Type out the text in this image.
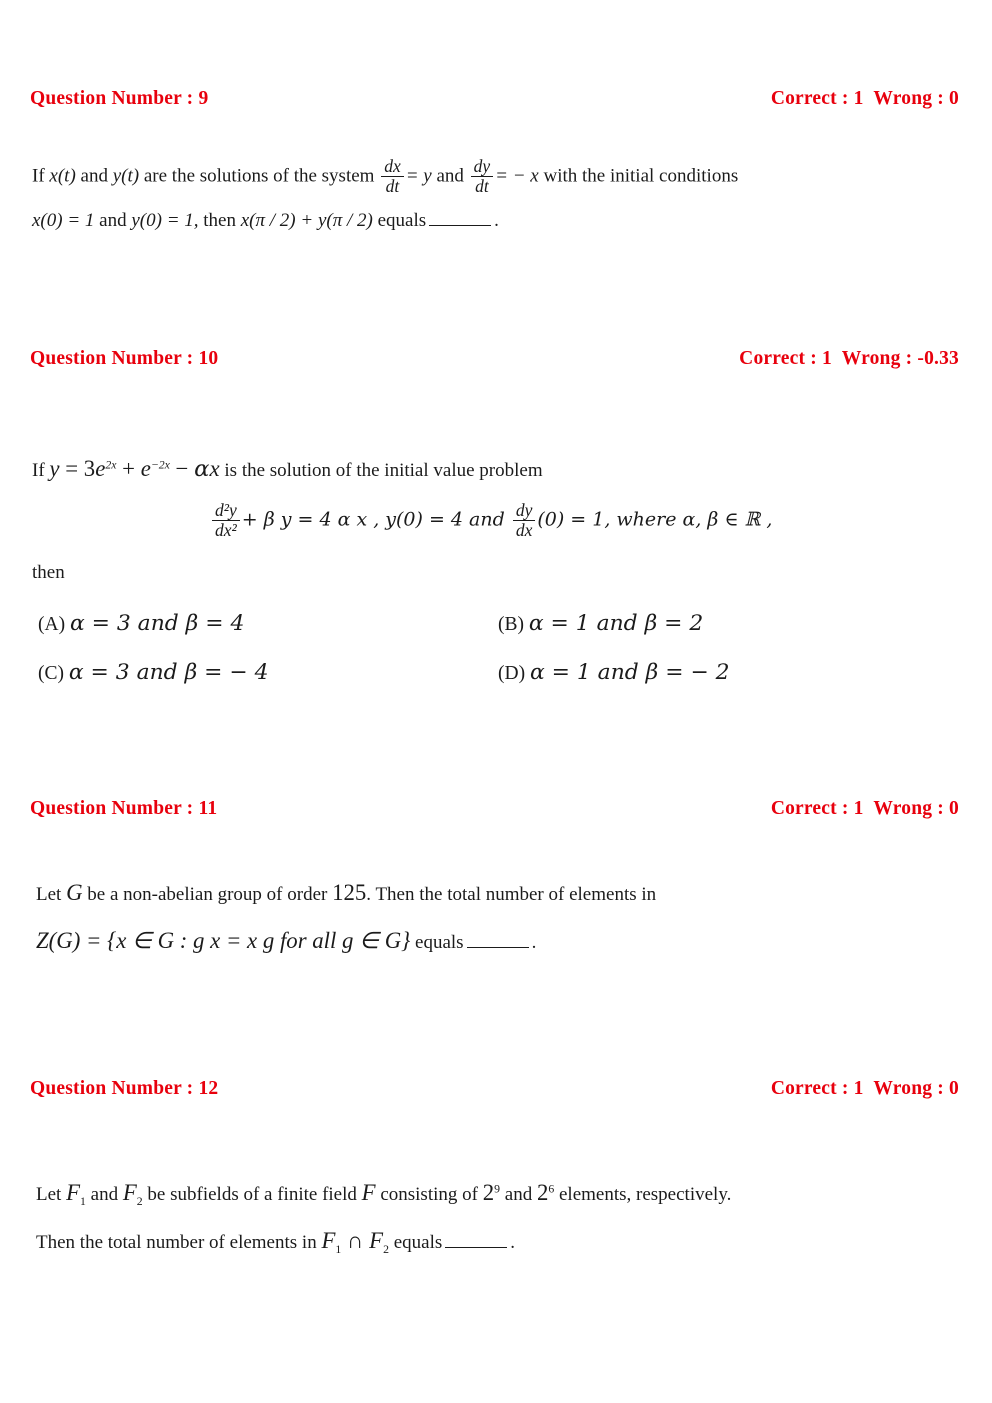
Question Number : 9	Correct : 1  Wrong : 0
If x(t) and y(t) are the solutions of the system $\frac{dx}{dt} = y$ and $\frac{dy}{dt}$ = − x with the initial conditions
x(0) = 1 and y(0) = 1, then x(π / 2) + y(π / 2) equals	.
Question Number : 10	Correct : 1  Wrong : -0.33
If $y = 3e^{2x} + e^{-2x} - \alpha x$ is the solution of the initial value problem
$\frac{\text{d²y}}{\text{dx²}} + \beta$ y = 4 α x , y(0) = 4 and $\frac{dy}{dx} (0) = 1$, where α, β ∈ ℝ ,
then
(A) α = 3 and β = 4	(B) α = 1 and β = 2
(C) α = 3 and β = − 4	(D) α = 1 and β = − 2
Question Number : 11	Correct : 1  Wrong : 0
Let G be a non-abelian group of order 125. Then the total number of elements in
Z(G) = {x ∈ G : g x = x g for all g ∈ G} equals	.
Question Number : 12	Correct : 1  Wrong : 0
Let $F_1$ and $F_2$ be subfields of a finite field F consisting of $2^9$ and $2^6$ elements, respectively.
Then the total number of elements in $F_1$ ∩ $F_2$ equals	.
